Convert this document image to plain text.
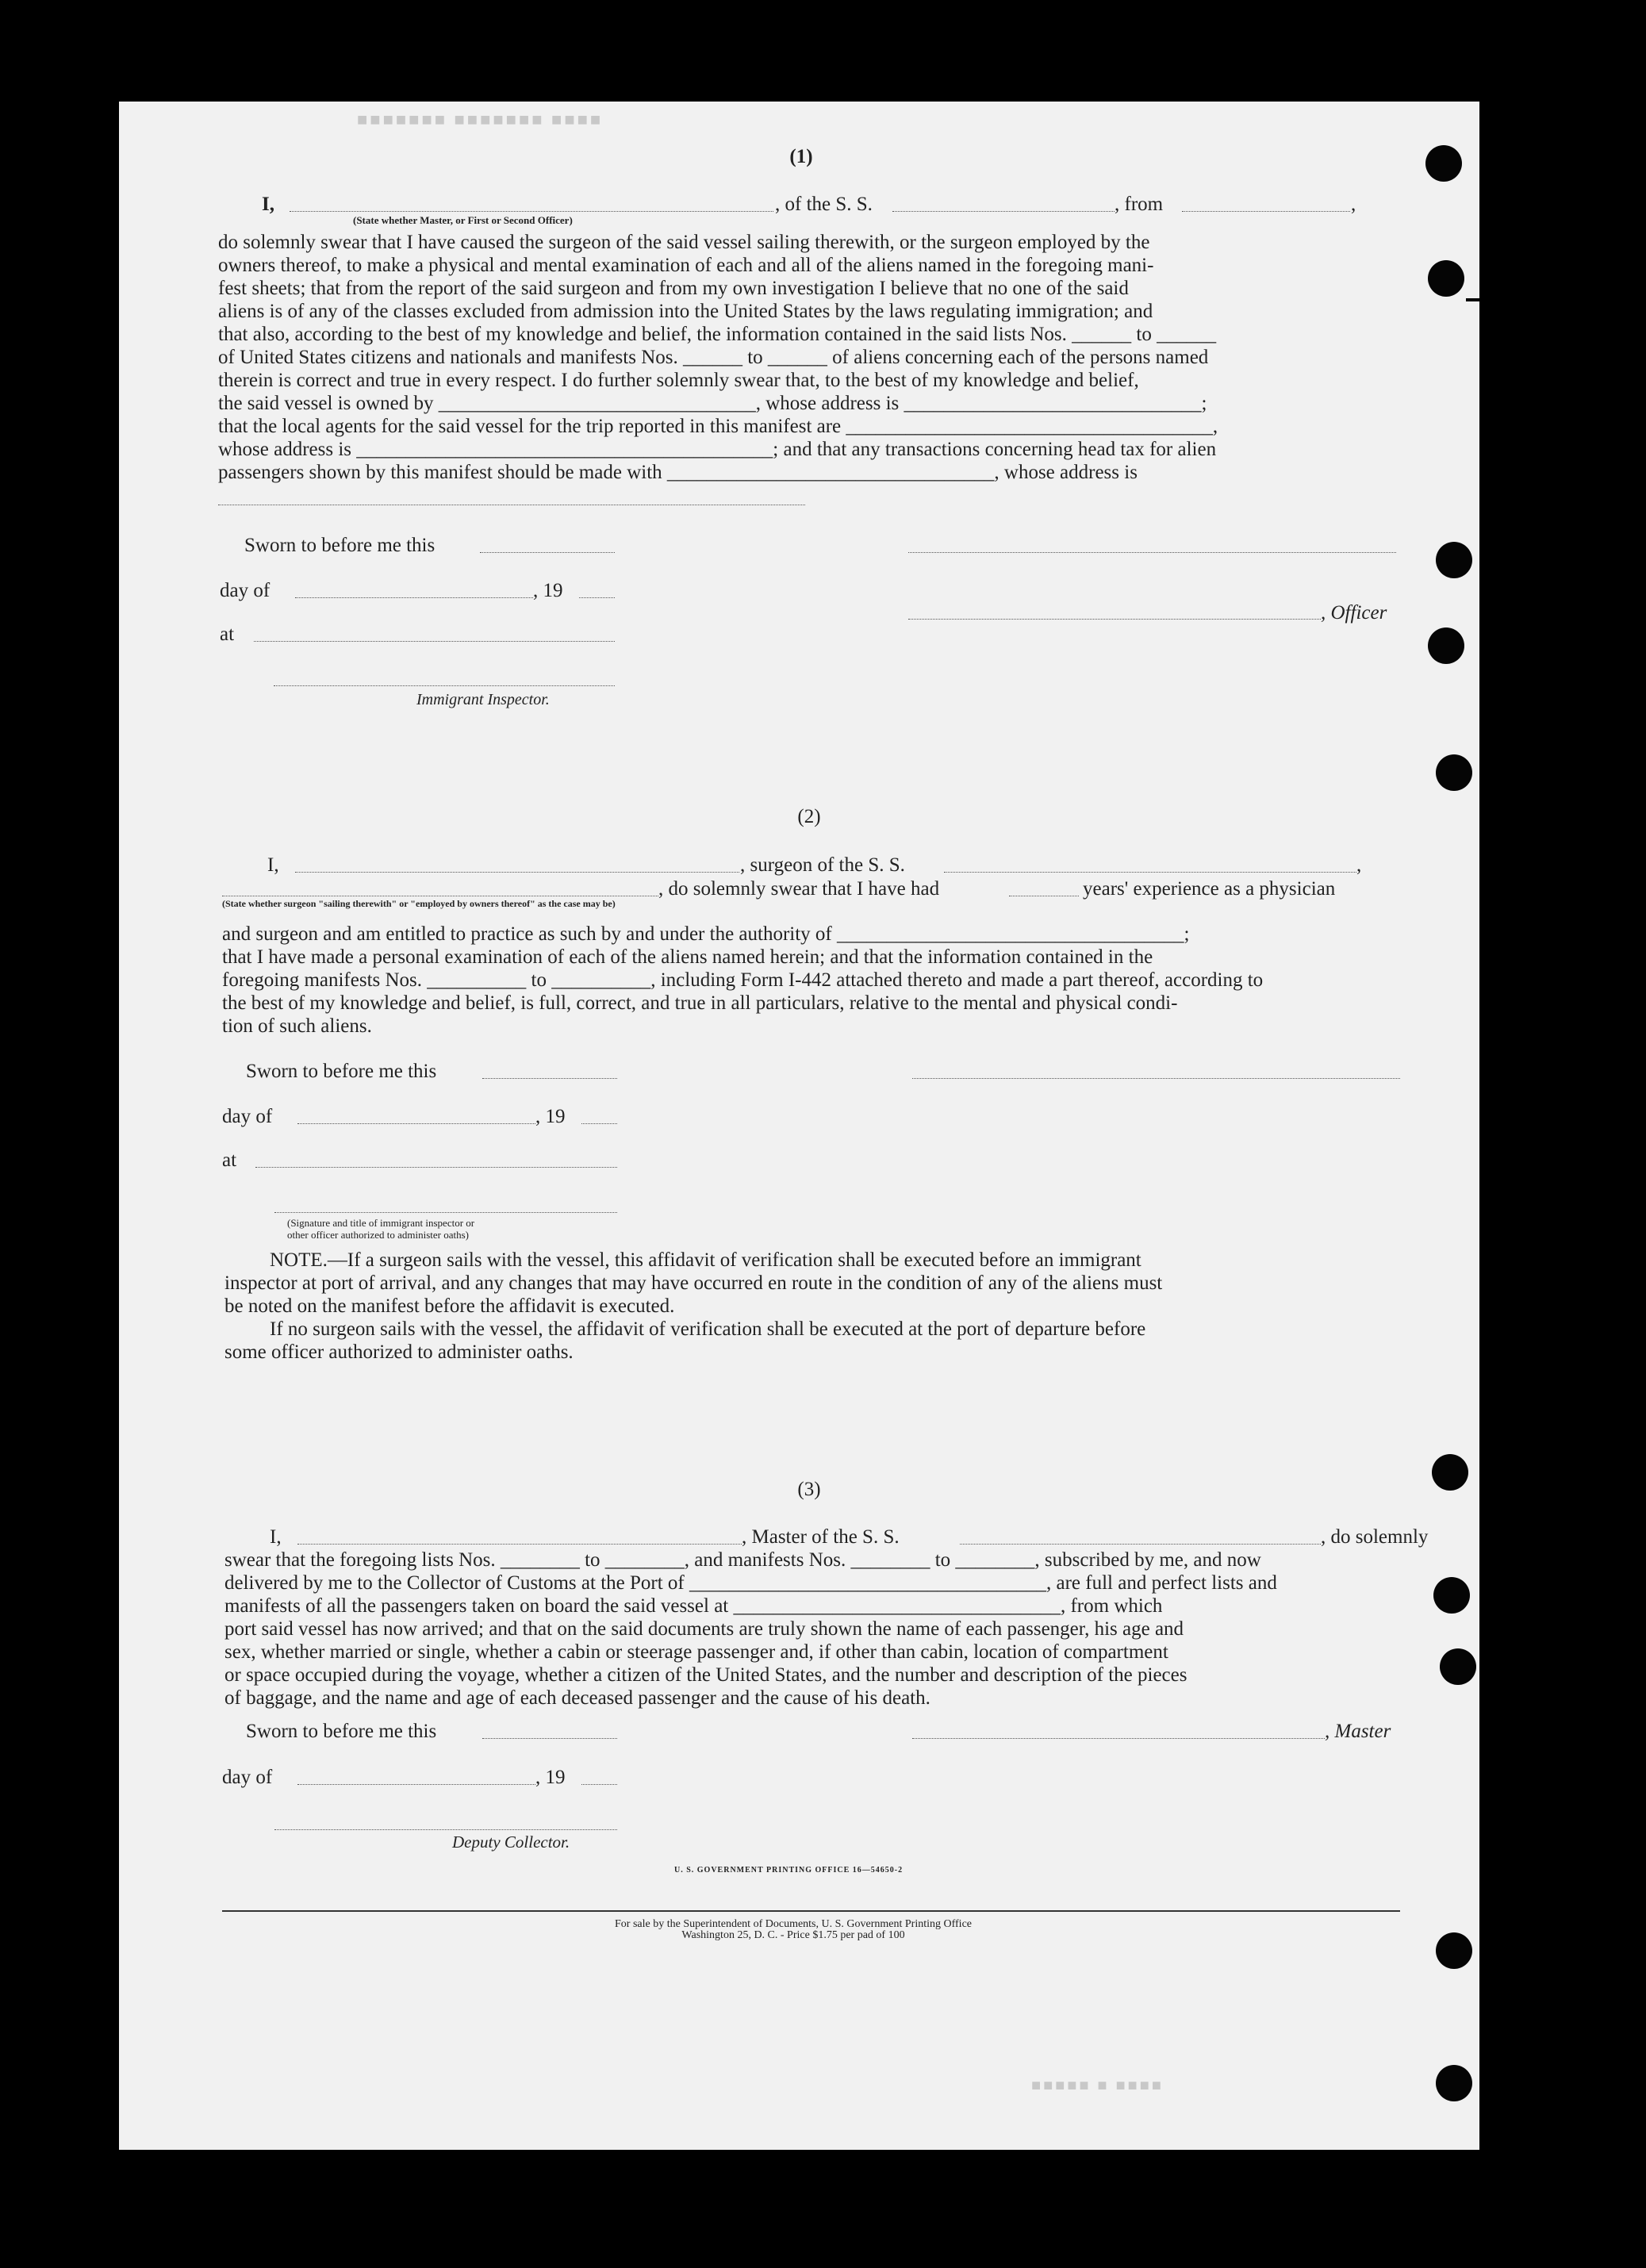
■■■■■■■ ■■■■■■■ ■■■■
(1)
I,	, of the S. S.	, from	,
(State whether Master, or First or Second Officer)
do solemnly swear that I have caused the surgeon of the said vessel sailing therewith, or the surgeon employed by the
owners thereof, to make a physical and mental examination of each and all of the aliens named in the foregoing mani-
fest sheets; that from the report of the said surgeon and from my own investigation I believe that no one of the said
aliens is of any of the classes excluded from admission into the United States by the laws regulating immigration; and
that also, according to the best of my knowledge and belief, the information contained in the said lists Nos. ______ to ______
of United States citizens and nationals and manifests Nos. ______ to ______ of aliens concerning each of the persons named
therein is correct and true in every respect. I do further solemnly swear that, to the best of my knowledge and belief,
the said vessel is owned by ________________________________, whose address is ______________________________;
that the local agents for the said vessel for the trip reported in this manifest are _____________________________________,
whose address is __________________________________________; and that any transactions concerning head tax for alien
passengers shown by this manifest should be made with _________________________________, whose address is
Sworn to before me this
day of	, 19
at
, Officer
Immigrant Inspector.
(2)
I,	, surgeon of the S. S.	,
, do solemnly swear that I have had	years' experience as a physician
(State whether surgeon "sailing therewith" or "employed by owners thereof" as the case may be)
and surgeon and am entitled to practice as such by and under the authority of ___________________________________;
that I have made a personal examination of each of the aliens named herein; and that the information contained in the
foregoing manifests Nos. __________ to __________, including Form I-442 attached thereto and made a part thereof, according to
the best of my knowledge and belief, is full, correct, and true in all particulars, relative to the mental and physical condi-
tion of such aliens.
Sworn to before me this
day of	, 19
at
(Signature and title of immigrant inspector or
other officer authorized to administer oaths)
NOTE.—If a surgeon sails with the vessel, this affidavit of verification shall be executed before an immigrant
inspector at port of arrival, and any changes that may have occurred en route in the condition of any of the aliens must
be noted on the manifest before the affidavit is executed.
If no surgeon sails with the vessel, the affidavit of verification shall be executed at the port of departure before
some officer authorized to administer oaths.
(3)
I,	, Master of the S. S.	, do solemnly
swear that the foregoing lists Nos. ________ to ________, and manifests Nos. ________ to ________, subscribed by me, and now
delivered by me to the Collector of Customs at the Port of ____________________________________, are full and perfect lists and
manifests of all the passengers taken on board the said vessel at _________________________________, from which
port said vessel has now arrived; and that on the said documents are truly shown the name of each passenger, his age and
sex, whether married or single, whether a cabin or steerage passenger and, if other than cabin, location of compartment
or space occupied during the voyage, whether a citizen of the United States, and the number and description of the pieces
of baggage, and the name and age of each deceased passenger and the cause of his death.
Sworn to before me this	, Master
day of	, 19
Deputy Collector.
U. S. GOVERNMENT PRINTING OFFICE 16—54650-2
For sale by the Superintendent of Documents, U. S. Government Printing Office
Washington 25, D. C. - Price $1.75 per pad of 100
■■■■■ ■ ■■■■
